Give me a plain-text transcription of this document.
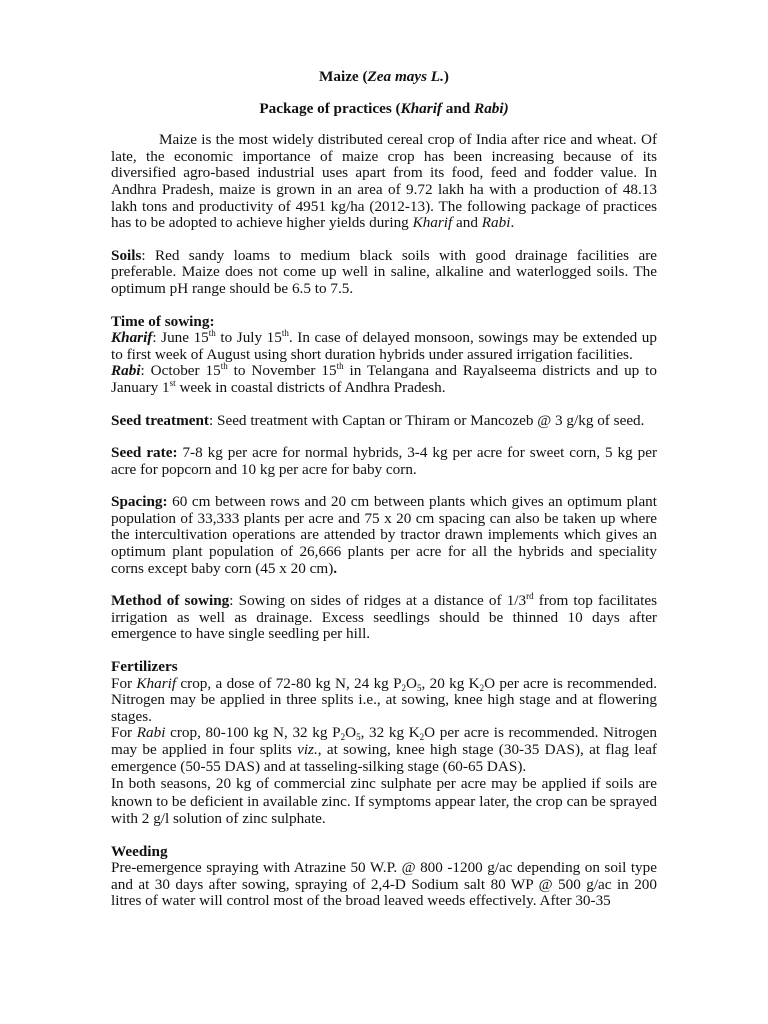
Maize (Zea mays L.)
Package of practices (Kharif and Rabi)

Maize is the most widely distributed cereal crop of India after rice and wheat. Of late, the economic importance of maize crop has been increasing because of its diversified agro-based industrial uses apart from its food, feed and fodder value. In Andhra Pradesh, maize is grown in an area of 9.72 lakh ha with a production of 48.13 lakh tons and productivity of 4951 kg/ha (2012-13). The following package of practices has to be adopted to achieve higher yields during Kharif and Rabi.

Soils: Red sandy loams to medium black soils with good drainage facilities are preferable. Maize does not come up well in saline, alkaline and waterlogged soils. The optimum pH range should be 6.5 to 7.5.

Time of sowing:

Kharif: June 15th to July 15th. In case of delayed monsoon, sowings may be extended up to first week of August using short duration hybrids under assured irrigation facilities.

Rabi: October 15th to November 15th in Telangana and Rayalseema districts and up to January 1st week in coastal districts of Andhra Pradesh.

Seed treatment: Seed treatment with Captan or Thiram or Mancozeb @ 3 g/kg of seed.

Seed rate: 7-8 kg per acre for normal hybrids, 3-4 kg per acre for sweet corn, 5 kg per acre for popcorn and 10 kg per acre for baby corn.

Spacing: 60 cm between rows and 20 cm between plants which gives an optimum plant population of 33,333 plants per acre and 75 x 20 cm spacing can also be taken up where the intercultivation operations are attended by tractor drawn implements which gives an optimum plant population of 26,666 plants per acre for all the hybrids and speciality corns except baby corn (45 x 20 cm).

Method of sowing: Sowing on sides of ridges at a distance of 1/3rd from top facilitates irrigation as well as drainage. Excess seedlings should be thinned 10 days after emergence to have single seedling per hill.

Fertilizers

For Kharif crop, a dose of 72-80 kg N, 24 kg $P_2O_5$, 20 kg $K_2O$ per acre is recommended. Nitrogen may be applied in three splits i.e., at sowing, knee high stage and at flowering stages.

For Rabi crop, 80-100 kg N, 32 kg $P_2O_5$, 32 kg $K_2O$ per acre is recommended. Nitrogen may be applied in four splits viz., at sowing, knee high stage (30-35 DAS), at flag leaf emergence (50-55 DAS) and at tasseling-silking stage (60-65 DAS).

In both seasons, 20 kg of commercial zinc sulphate per acre may be applied if soils are known to be deficient in available zinc. If symptoms appear later, the crop can be sprayed with 2 g/l solution of zinc sulphate.

Weeding

Pre-emergence spraying with Atrazine 50 W.P. @ 800 -1200 g/ac depending on soil type and at 30 days after sowing, spraying of 2,4-D Sodium salt 80 WP @ 500 g/ac in 200 litres of water will control most of the broad leaved weeds effectively. After 30-35
